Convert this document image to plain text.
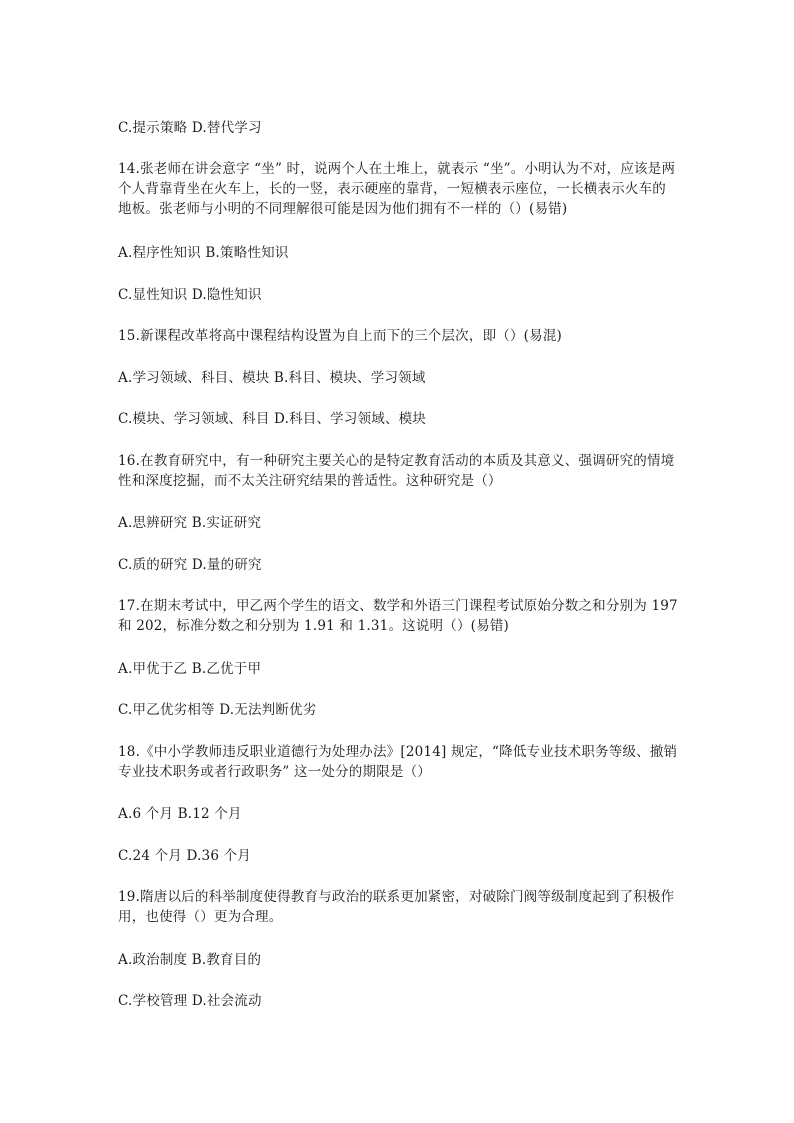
C.提示策略 D.替代学习

14.张老师在讲会意字 “坐” 时，说两个人在土堆上，就表示 “坐”。小明认为不对，应该是两个人背靠背坐在火车上，长的一竖，表示硬座的靠背，一短横表示座位，一长横表示火车的地板。张老师与小明的不同理解很可能是因为他们拥有不一样的（）(易错)

A.程序性知识 B.策略性知识

C.显性知识 D.隐性知识

15.新课程改革将高中课程结构设置为自上而下的三个层次，即（）(易混)

A.学习领域、科目、模块 B.科目、模块、学习领域

C.模块、学习领域、科目 D.科目、学习领域、模块

16.在教育研究中，有一种研究主要关心的是特定教育活动的本质及其意义、强调研究的情境性和深度挖掘，而不太关注研究结果的普适性。这种研究是（）

A.思辨研究 B.实证研究

C.质的研究 D.量的研究

17.在期末考试中，甲乙两个学生的语文、数学和外语三门课程考试原始分数之和分别为 197 和 202，标准分数之和分别为 1.91 和 1.31。这说明（）(易错)

A.甲优于乙 B.乙优于甲

C.甲乙优劣相等 D.无法判断优劣

18.《中小学教师违反职业道德行为处理办法》[2014] 规定，“降低专业技术职务等级、撤销专业技术职务或者行政职务” 这一处分的期限是（）

A.6 个月 B.12 个月

C.24 个月 D.36 个月

19.隋唐以后的科举制度使得教育与政治的联系更加紧密，对破除门阀等级制度起到了积极作用，也使得（）更为合理。

A.政治制度 B.教育目的

C.学校管理 D.社会流动
